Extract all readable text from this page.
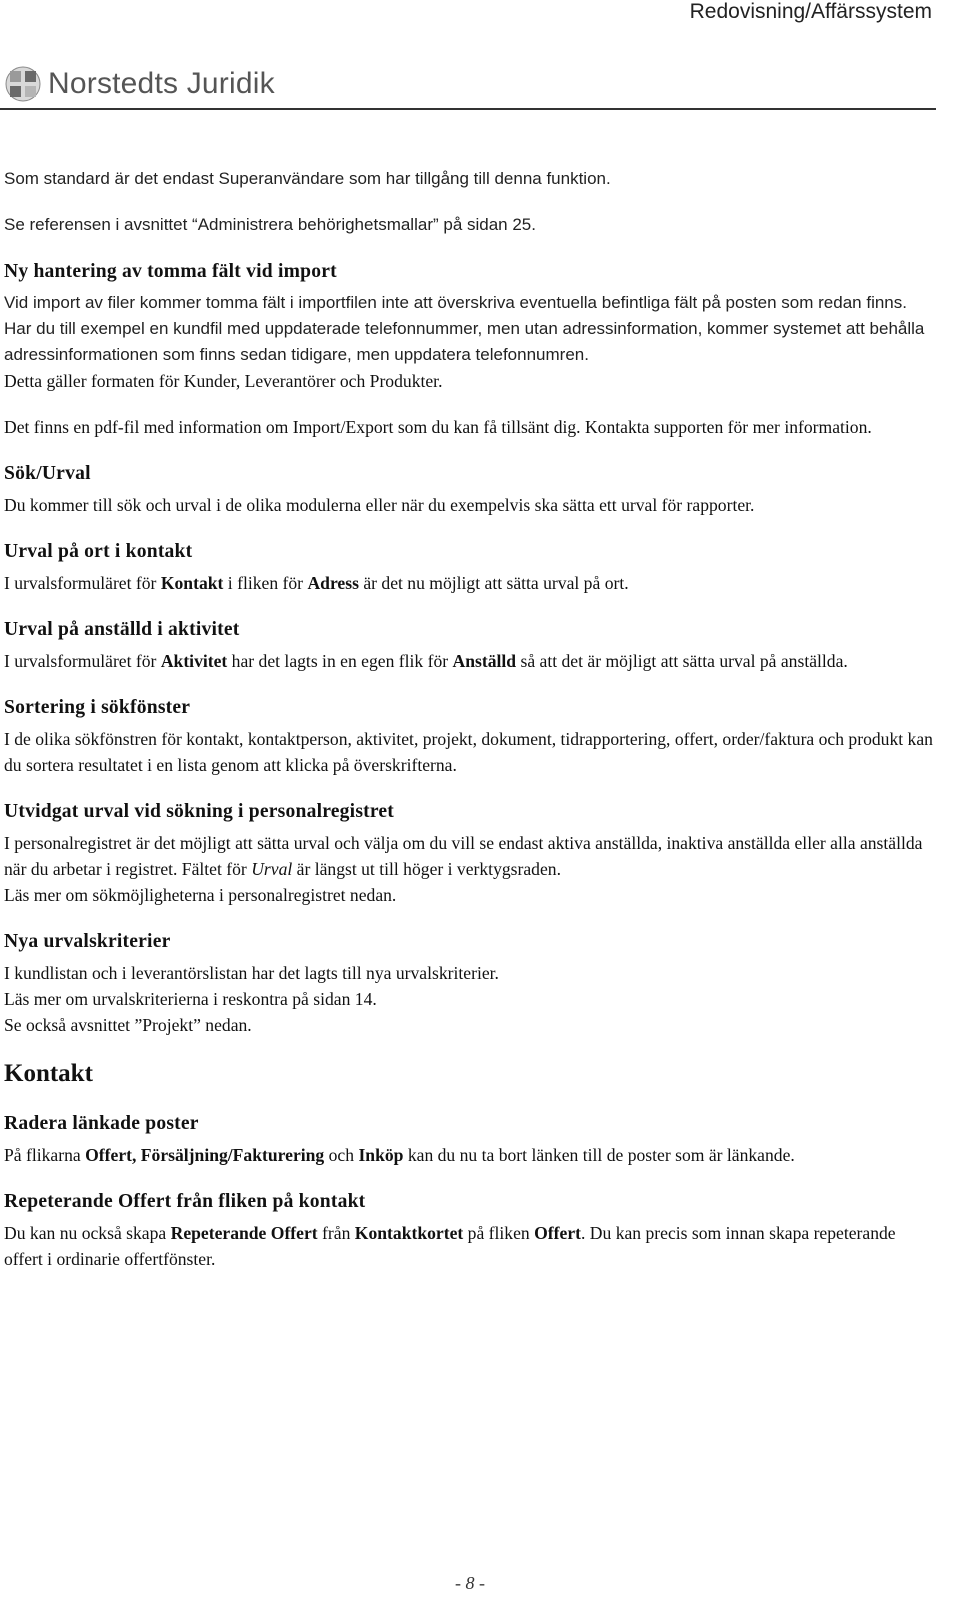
Redovisning/Affärssystem
Norstedts Juridik

Som standard är det endast Superanvändare som har tillgång till denna funktion.

Se referensen i avsnittet “Administrera behörighetsmallar” på sidan 25.

Ny hantering av tomma fält vid import

Vid import av filer kommer tomma fält i importfilen inte att överskriva eventuella befintliga fält på posten som redan finns.

Har du till exempel en kundfil med uppdaterade telefonnummer, men utan adressinformation, kommer systemet att behålla adressinformationen som finns sedan tidigare, men uppdatera telefonnumren.

Detta gäller formaten för Kunder, Leverantörer och Produkter.

Det finns en pdf-fil med information om Import/Export som du kan få tillsänt dig. Kontakta supporten för mer information.

Sök/Urval

Du kommer till sök och urval i de olika modulerna eller när du exempelvis ska sätta ett urval för rapporter.

Urval på ort i kontakt

I urvalsformuläret för Kontakt i fliken för Adress är det nu möjligt att sätta urval på ort.

Urval på anställd i aktivitet

I urvalsformuläret för Aktivitet har det lagts in en egen flik för Anställd så att det är möjligt att sätta urval på anställda.

Sortering i sökfönster

I de olika sökfönstren för kontakt, kontaktperson, aktivitet, projekt, dokument, tidrapportering, offert, order/faktura och produkt kan du sortera resultatet i en lista genom att klicka på överskrifterna.

Utvidgat urval vid sökning i personalregistret

I personalregistret är det möjligt att sätta urval och välja om du vill se endast aktiva anställda, inaktiva anställda eller alla anställda när du arbetar i registret. Fältet för Urval är längst ut till höger i verktygsraden.

Läs mer om sökmöjligheterna i personalregistret nedan.

Nya urvalskriterier

I kundlistan och i leverantörslistan har det lagts till nya urvalskriterier.

Läs mer om urvalskriterierna i reskontra på sidan 14.

Se också avsnittet ”Projekt” nedan.

Kontakt
Radera länkade poster

På flikarna Offert, Försäljning/Fakturering och Inköp kan du nu ta bort länken till de poster som är länkande.

Repeterande Offert från fliken på kontakt

Du kan nu också skapa Repeterande Offert från Kontaktkortet på fliken Offert. Du kan precis som innan skapa repeterande offert i ordinarie offertfönster.

- 8 -
